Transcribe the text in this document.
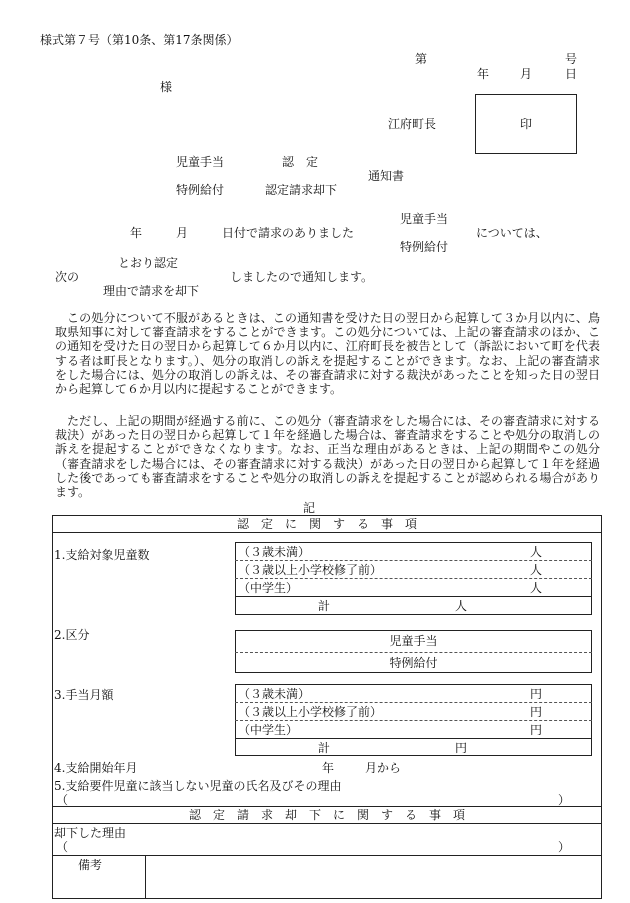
様式第７号（第10条、第17条関係）
第	号
年	月	日
様
江府町長	印
児童手当	認　定
通知書
特例給付	認定請求却下
児童手当
年	月	日付で請求のありました	については、
特例給付
とおり認定
次の	しましたので通知します。
理由で請求を却下
この処分について不服があるときは、この通知書を受けた日の翌日から起算して３か月以内に、鳥取県知事に対して審査請求をすることができます。この処分については、上記の審査請求のほか、この通知を受けた日の翌日から起算して６か月以内に、江府町長を被告として（訴訟において町を代表する者は町長となります。）、処分の取消しの訴えを提起することができます。なお、上記の審査請求をした場合には、処分の取消しの訴えは、その審査請求に対する裁決があったことを知った日の翌日から起算して６か月以内に提起することができます。
ただし、上記の期間が経過する前に、この処分（審査請求をした場合には、その審査請求に対する裁決）があった日の翌日から起算して１年を経過した場合は、審査請求をすることや処分の取消しの訴えを提起することができなくなります。なお、正当な理由があるときは、上記の期間やこの処分（審査請求をした場合には、その審査請求に対する裁決）があった日の翌日から起算して１年を経過した後であっても審査請求をすることや処分の取消しの訴えを提起することが認められる場合があります。
記
認　定　に　関　す　る　事　項
1.支給対象児童数	（３歳未満）	人
（３歳以上小学校修了前）	人
（中学生）	人
計	人
2.区分	児童手当
特例給付
3.手当月額	（３歳未満）	円
（３歳以上小学校修了前）	円
（中学生）	円
計	円
4.支給開始年月	年	月から
5.支給要件児童に該当しない児童の氏名及びその理由
（	）
認　定　請　求　却　下　に　関　す　る　事　項
却下した理由
（	）
備考
